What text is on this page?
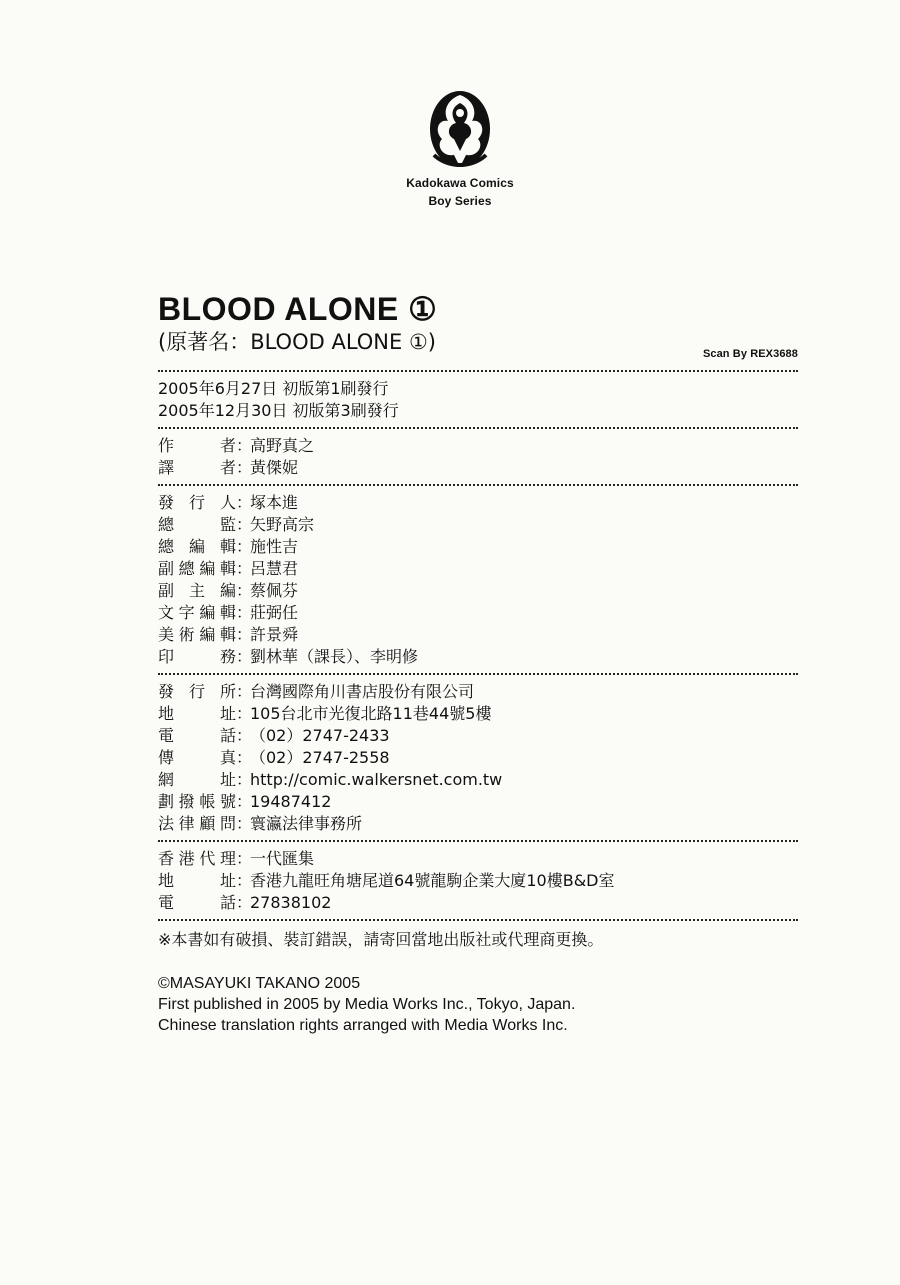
Kadokawa Comics
Boy Series
Scan By REX3688
BLOOD ALONE ①
(原著名：BLOOD ALONE ①)
2005年6月27日 初版第1刷發行
2005年12月30日 初版第3刷發行
作	者 ：
高野真之
譯	者 ：
黃傑妮
發 行 人 ：
塚本進
總	監 ：
矢野高宗
總 編 輯 ：
施性吉
副 總 編 輯 ：
呂慧君
副 主 編 ：
蔡佩芬
文 字 編 輯 ：
莊弼任
美 術 編 輯 ：
許景舜
印	務 ：
劉林華（課長）、李明修
發 行 所 ：
台灣國際角川書店股份有限公司
地	址 ：
105台北市光復北路11巷44號5樓
電	話 ：
（02）2747-2433
傳	真 ：
（02）2747-2558
網	址 ：
http://comic.walkersnet.com.tw
劃 撥 帳 號 ：
19487412
法 律 顧 問 ：
寰瀛法律事務所
香 港 代 理 ：
一代匯集
地	址 ：
香港九龍旺角塘尾道64號龍駒企業大廈10樓B&D室
電	話 ：
27838102
※本書如有破損、裝訂錯誤，請寄回當地出版社或代理商更換。
©MASAYUKI TAKANO 2005
First published in 2005 by Media Works Inc., Tokyo, Japan.
Chinese translation rights arranged with Media Works Inc.
